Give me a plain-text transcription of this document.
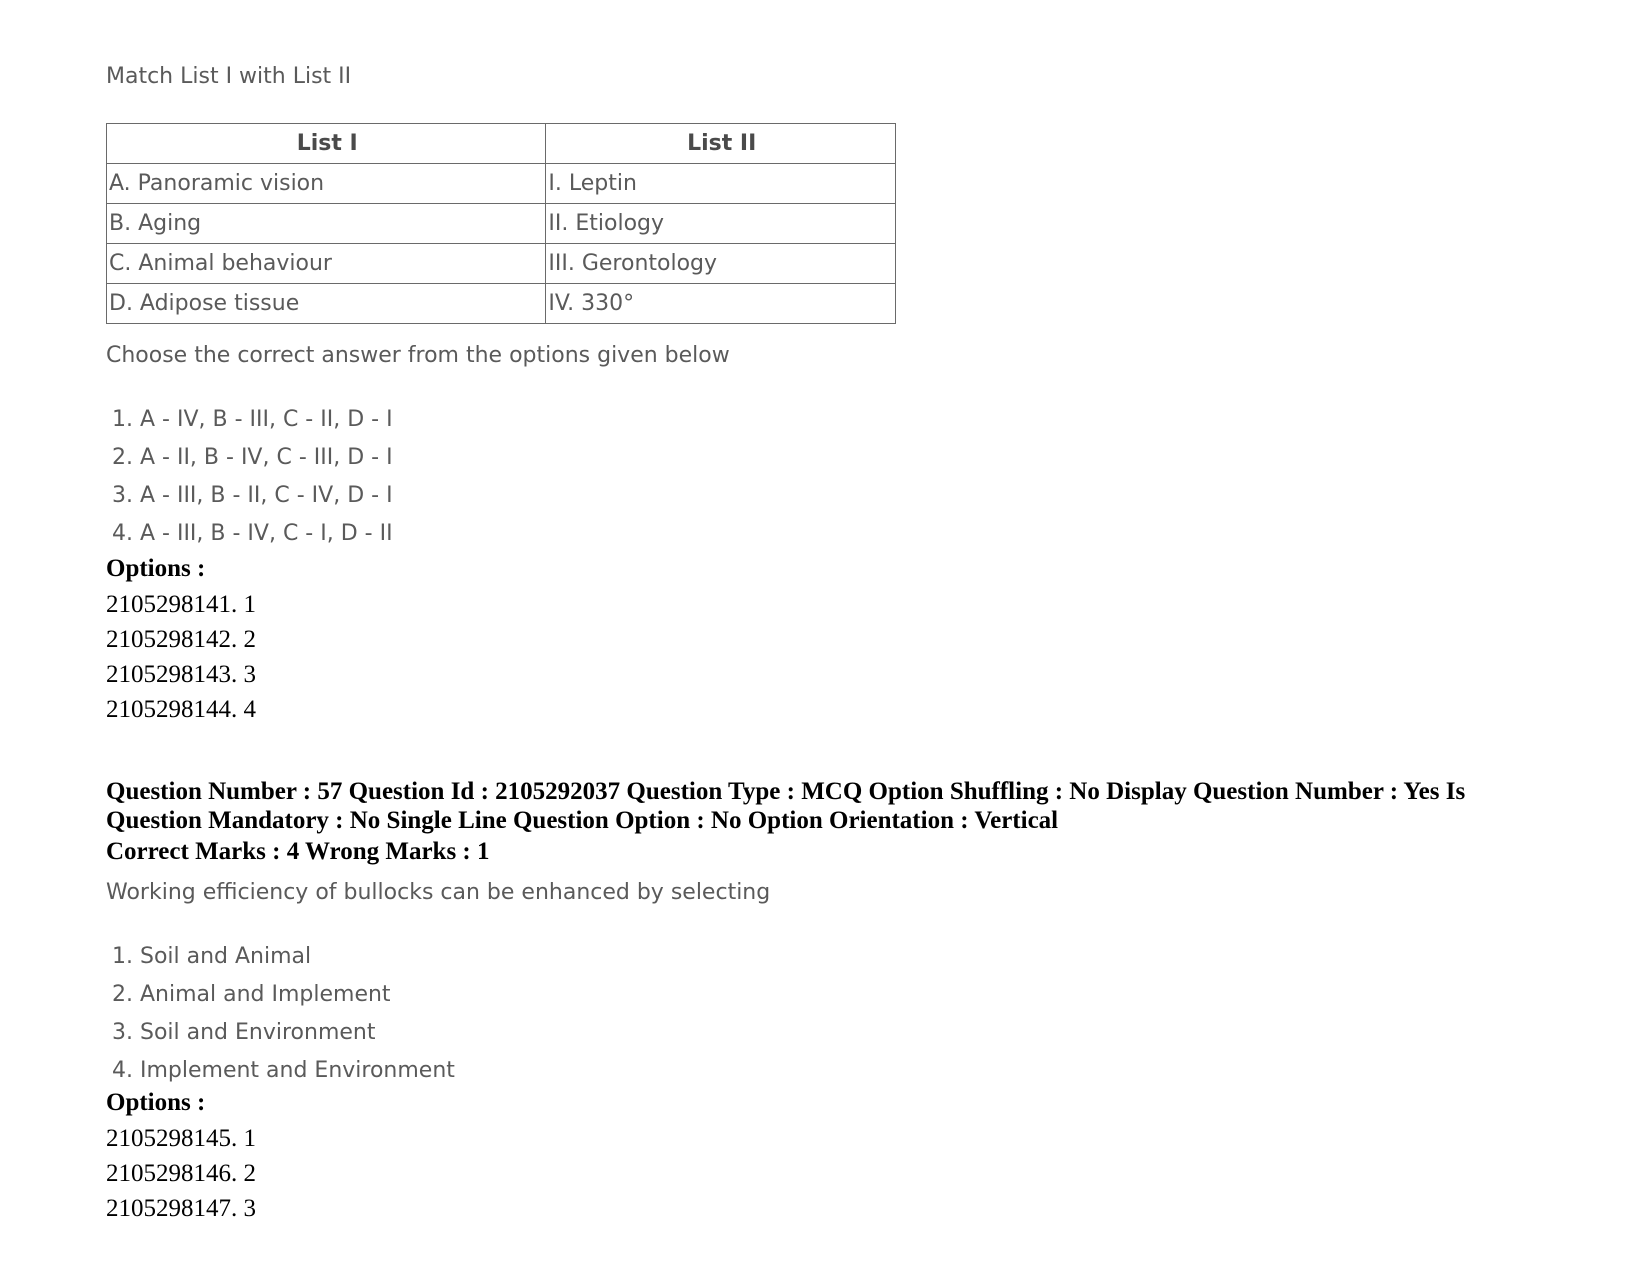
Match List I with List II
List I	List II
A. Panoramic vision	I. Leptin
B. Aging	II. Etiology
C. Animal behaviour	III. Gerontology
D. Adipose tissue	IV. 330°
Choose the correct answer from the options given below
1. A - IV, B - III, C - II, D - I
2. A - II, B - IV, C - III, D - I
3. A - III, B - II, C - IV, D - I
4. A - III, B - IV, C - I, D - II
Options :
2105298141. 1
2105298142. 2
2105298143. 3
2105298144. 4
Question Number : 57 Question Id : 2105292037 Question Type : MCQ Option Shuffling : No Display Question Number : Yes Is Question Mandatory : No Single Line Question Option : No Option Orientation : Vertical
Correct Marks : 4 Wrong Marks : 1
Working efficiency of bullocks can be enhanced by selecting
1. Soil and Animal
2. Animal and Implement
3. Soil and Environment
4. Implement and Environment
Options :
2105298145. 1
2105298146. 2
2105298147. 3
